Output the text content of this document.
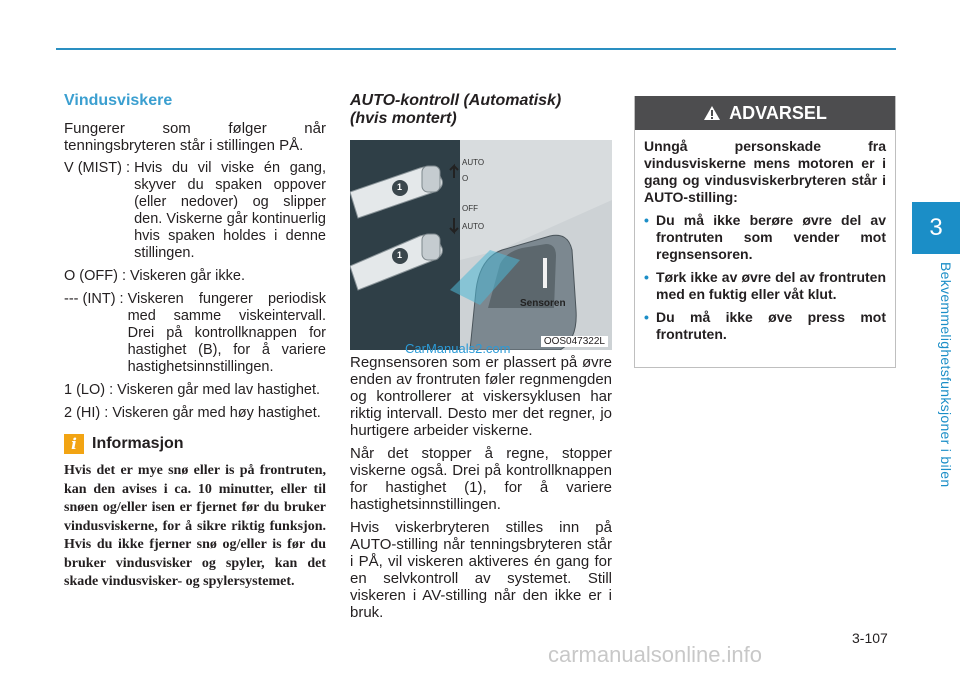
3
Bekvemmelighetsfunksjoner i bilen
Vindusviskere

Fungerer som følger når tenningsbryteren står i stillingen PÅ.

V (MIST) : Hvis du vil viske én gang, skyver du spaken oppover (eller nedover) og slipper den. Viskerne går kontinuerlig hvis spaken holdes i denne stillingen.
O (OFF) : Viskeren går ikke.
--- (INT) : Viskeren fungerer periodisk med samme viskeintervall. Drei på kontrollknappen for hastighet (B), for å variere hastighetsinnstillingen.
1 (LO) : Viskeren går med lav hastighet.
2 (HI) : Viskeren går med høy hastighet.
i Informasjon

Hvis det er mye snø eller is på frontruten, kan den avises i ca. 10 minutter, eller til snøen og/eller isen er fjernet før du bruker vindusviskerne, for å sikre riktig funksjon. Hvis du ikke fjerner snø og/eller is før du bruker vindusvisker og spyler, kan det skade vindusvisker- og spylersystemet.

AUTO-kontroll (Automatisk)
(hvis montert)
AUTO
O
OFF
AUTO
1
1
Sensoren
OOS047322L

Regnsensoren som er plassert på øvre enden av frontruten føler regnmengden og kontrollerer at viskersyklusen har riktig intervall. Desto mer det regner, jo hurtigere arbeider viskerne.

Når det stopper å regne, stopper viskerne også. Drei på kontrollknappen for hastighet (1), for å variere hastighetsinnstillingen.

Hvis viskerbryteren stilles inn på AUTO-stilling når tenningsbryteren står i PÅ, vil viskeren aktiveres én gang for en selvkontroll av systemet. Still viskeren i AV-stilling når den ikke er i bruk.

CarManuals2.com
ADVARSEL

Unngå personskade fra vindusviskerne mens motoren er i gang og vindusviskerbryteren står i AUTO-stilling:

• Du må ikke berøre øvre del av frontruten som vender mot regnsensoren.
• Tørk ikke av øvre del av frontruten med en fuktig eller våt klut.
• Du må ikke øve press mot frontruten.
3-107
carmanualsonline.info
